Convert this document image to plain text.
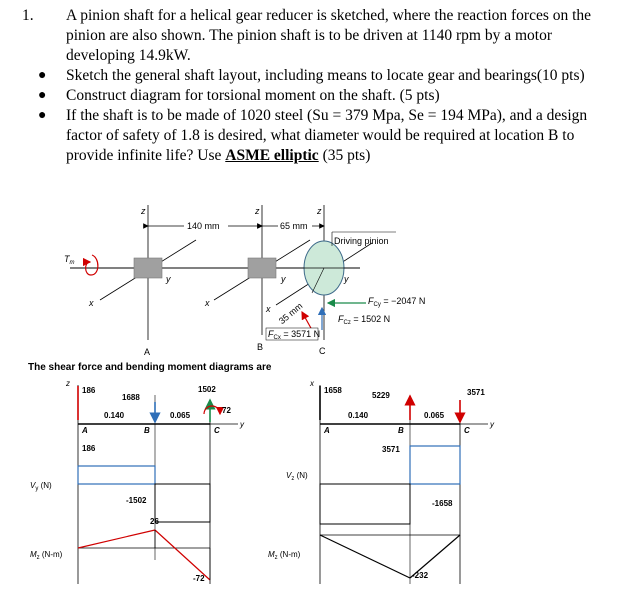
1.	A pinion shaft for a helical gear reducer is sketched, where the reaction forces on the pinion are also shown. The pinion shaft is to be driven at 1140 rpm by a motor developing 14.9kW.
● Sketch the general shaft layout, including means to locate gear and bearings(10 pts)
● Construct diagram for torsional moment on the shaft. (5 pts)
● If the shaft is to be made of 1020 steel (Su = 379 Mpa, Se = 194 MPa), and a design factor of safety of 1.8 is desired, what diameter would be required at location B to provide infinite life? Use ASME elliptic (35 pts)
z	z	z
x	x
x
y	y	y
140 mm	65 mm
Driving pinion
$T_m$
35 mm	$F_{Cy} = -2047$ N
$F_{Cz} = 1502$ N
$F_{Cx} = 3571$ N
A	B	C
The shear force and bending moment diagrams are
y
z
186
1688
1502
72
0.140	0.065
A	B	C
186
-1502
$V_y$ (N)
26
-72
$M_z$ (N-m)
y
x
1658
5229	3571
0.140	0.065
A	B	C
3571
-1658
$V_z$ (N)
-232
$M_z$ (N-m)
